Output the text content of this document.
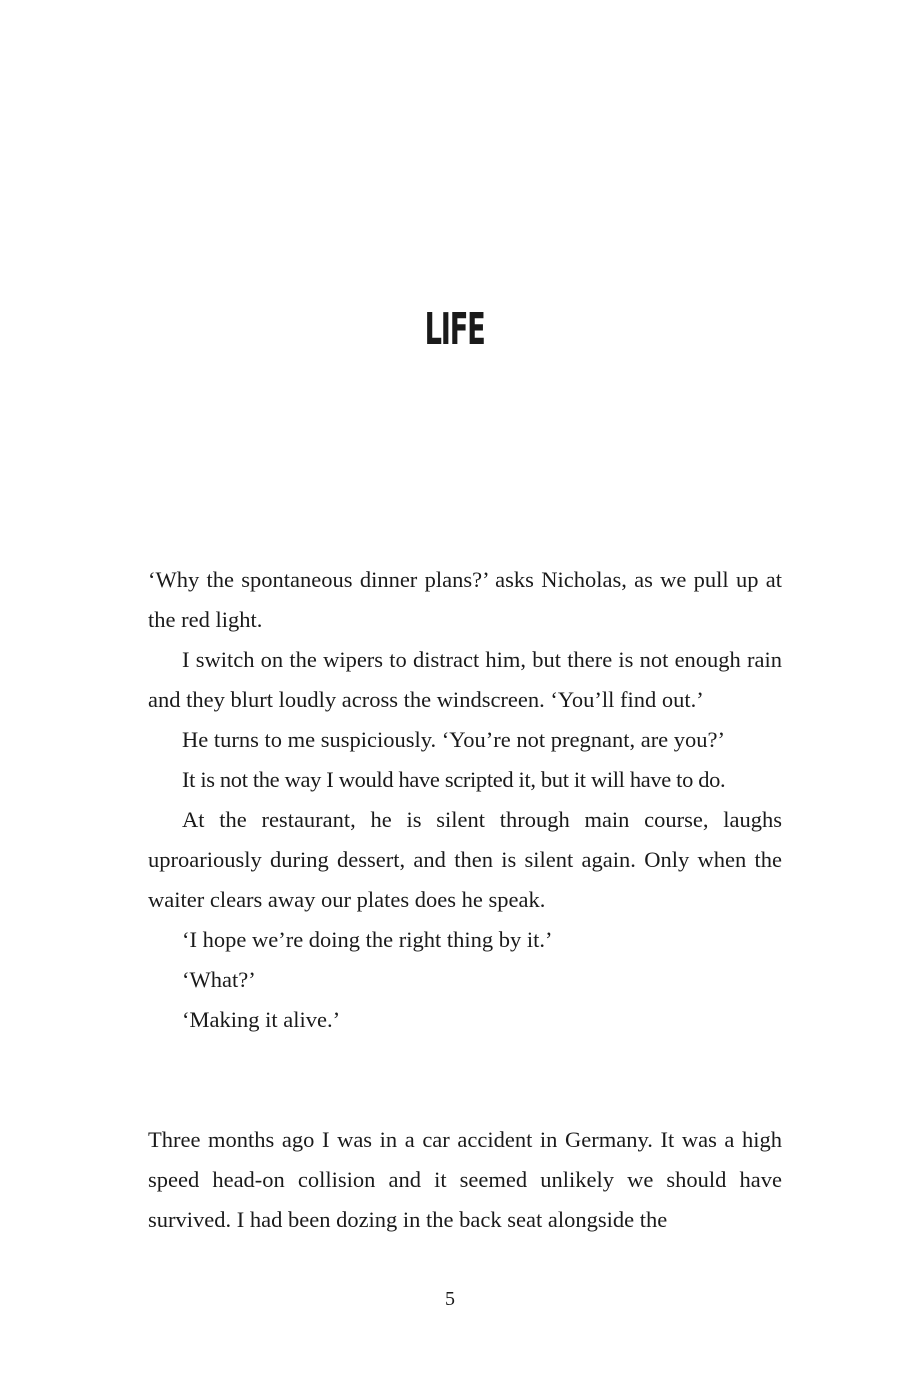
LIFE

‘Why the spontaneous dinner plans?’ asks Nicholas, as we pull up at the red light.

I switch on the wipers to distract him, but there is not enough rain and they blurt loudly across the windscreen. ‘You’ll find out.’

He turns to me suspiciously. ‘You’re not pregnant, are you?’

It is not the way I would have scripted it, but it will have to do.

At the restaurant, he is silent through main course, laughs uproariously during dessert, and then is silent again. Only when the waiter clears away our plates does he speak.

‘I hope we’re doing the right thing by it.’

‘What?’

‘Making it alive.’

Three months ago I was in a car accident in Germany. It was a high speed head-on collision and it seemed unlikely we should have survived. I had been dozing in the back seat alongside the

5
